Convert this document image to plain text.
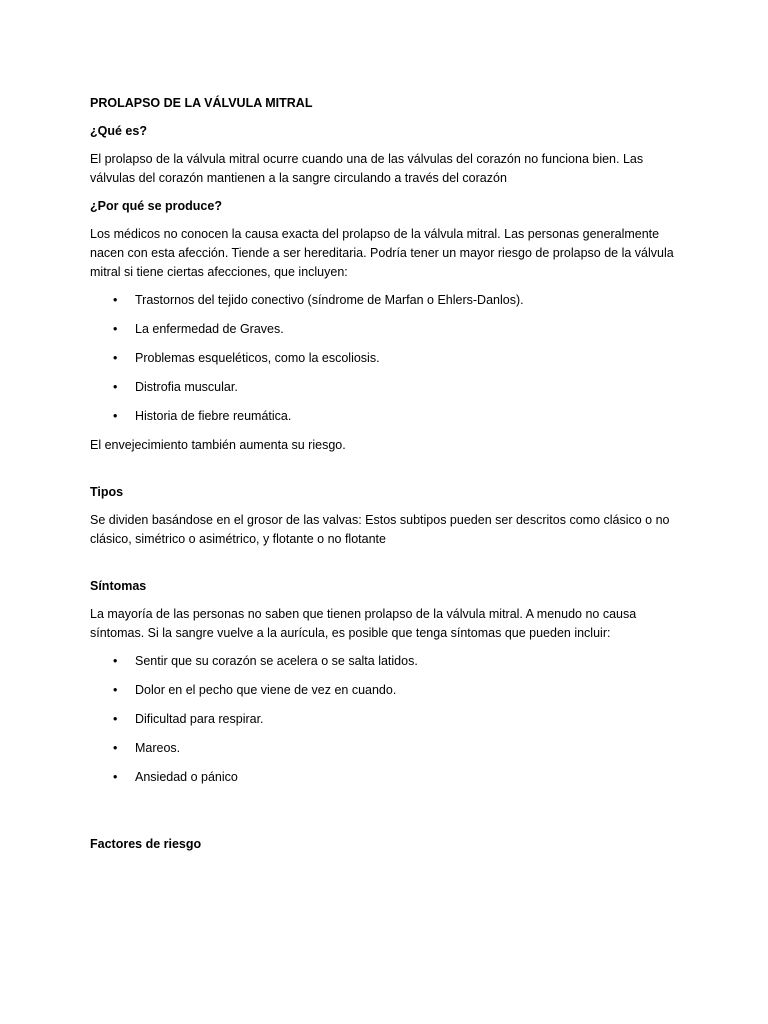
PROLAPSO DE LA VÁLVULA MITRAL
¿Qué es?
El prolapso de la válvula mitral ocurre cuando una de las válvulas del corazón no funciona bien. Las válvulas del corazón mantienen a la sangre circulando a través del corazón
¿Por qué se produce?
Los médicos no conocen la causa exacta del prolapso de la válvula mitral. Las personas generalmente nacen con esta afección. Tiende a ser hereditaria. Podría tener un mayor riesgo de prolapso de la válvula mitral si tiene ciertas afecciones, que incluyen:
• Trastornos del tejido conectivo (síndrome de Marfan o Ehlers-Danlos).
• La enfermedad de Graves.
• Problemas esqueléticos, como la escoliosis.
• Distrofia muscular.
• Historia de fiebre reumática.
El envejecimiento también aumenta su riesgo.
Tipos
Se dividen basándose en el grosor de las valvas: Estos subtipos pueden ser descritos como clásico o no clásico, simétrico o asimétrico, y flotante o no flotante
Síntomas
La mayoría de las personas no saben que tienen prolapso de la válvula mitral. A menudo no causa síntomas. Si la sangre vuelve a la aurícula, es posible que tenga síntomas que pueden incluir:
• Sentir que su corazón se acelera o se salta latidos.
• Dolor en el pecho que viene de vez en cuando.
• Dificultad para respirar.
• Mareos.
• Ansiedad o pánico
Factores de riesgo
